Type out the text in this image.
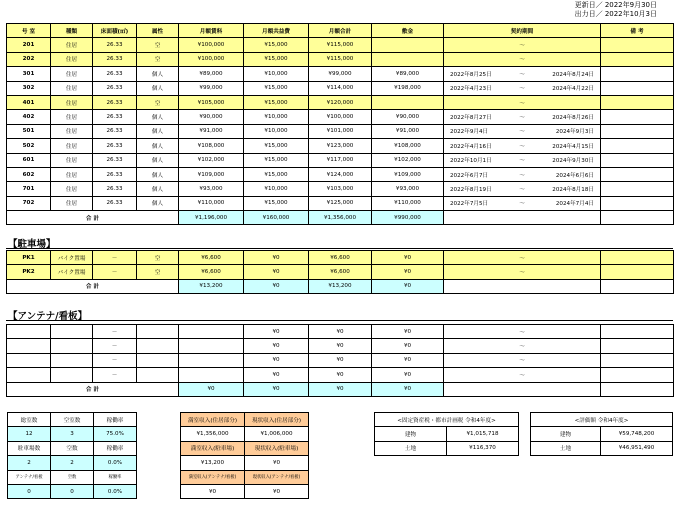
更新日／ 2022年9月30日
出力日／ 2022年10月3日
号 室	種類	床面積(㎡)	属性	月額賃料	月額共益費	月額合計	敷金	契約期間	備 考
201	住居	26.33	空	¥100,000	¥15,000	¥115,000		～	
202	住居	26.33	空	¥100,000	¥15,000	¥115,000		～	
301	住居	26.33	個人	¥89,000	¥10,000	¥99,000	¥89,000	2022年8月25日 ～ 2024年8月24日	

302	住居	26.33	個人	¥99,000	¥15,000	¥114,000	¥198,000	2022年4月23日 ～ 2024年4月22日	

401	住居	26.33	空	¥105,000	¥15,000	¥120,000		～	
402	住居	26.33	個人	¥90,000	¥10,000	¥100,000	¥90,000	2022年8月27日 ～ 2024年8月26日	

501	住居	26.33	個人	¥91,000	¥10,000	¥101,000	¥91,000	2022年9月4日 ～ 2024年9月3日	

502	住居	26.33	個人	¥108,000	¥15,000	¥123,000	¥108,000	2022年4月16日 ～ 2024年4月15日	

601	住居	26.33	個人	¥102,000	¥15,000	¥117,000	¥102,000	2022年10月1日 ～ 2024年9月30日	

602	住居	26.33	個人	¥109,000	¥15,000	¥124,000	¥109,000	2022年6月7日 ～ 2024年6月6日	

701	住居	26.33	個人	¥93,000	¥10,000	¥103,000	¥93,000	2022年8月19日 ～ 2024年8月18日	

702	住居	26.33	個人	¥110,000	¥15,000	¥125,000	¥110,000	2022年7月5日 ～ 2024年7月4日	

合 計				¥1,196,000	¥160,000	¥1,356,000	¥990,000		
【駐車場】
PK1	バイク置場	－	空	¥6,600	¥0	¥6,600	¥0	～	
PK2	バイク置場	－	空	¥6,600	¥0	¥6,600	¥0	～	
合 計				¥13,200	¥0	¥13,200	¥0		
【アンテナ/看板】
		－			¥0	¥0	¥0	～	
		－			¥0	¥0	¥0	～	
		－			¥0	¥0	¥0	～	
		－			¥0	¥0	¥0	～	
合 計				¥0	¥0	¥0	¥0		
総室数	空室数	稼働率
12	3	75.0%
駐車場数	空数	稼働率
2	2	0.0%
アンテナ/看板	空数	稼働率
0	0	0.0%
満室収入(住居部分)	現状収入(住居部分)
¥1,356,000	¥1,006,000
満室収入(駐車場)	現状収入(駐車場)
¥13,200	¥0
満室収入(アンテナ/看板)	現状収入(アンテナ/看板)
¥0	¥0
<固定資産税・都市計画税 令和4年度>	
建物	¥1,015,718
土地	¥116,370
<評価額 令和4年度>	
建物	¥59,748,200
土地	¥46,951,490
